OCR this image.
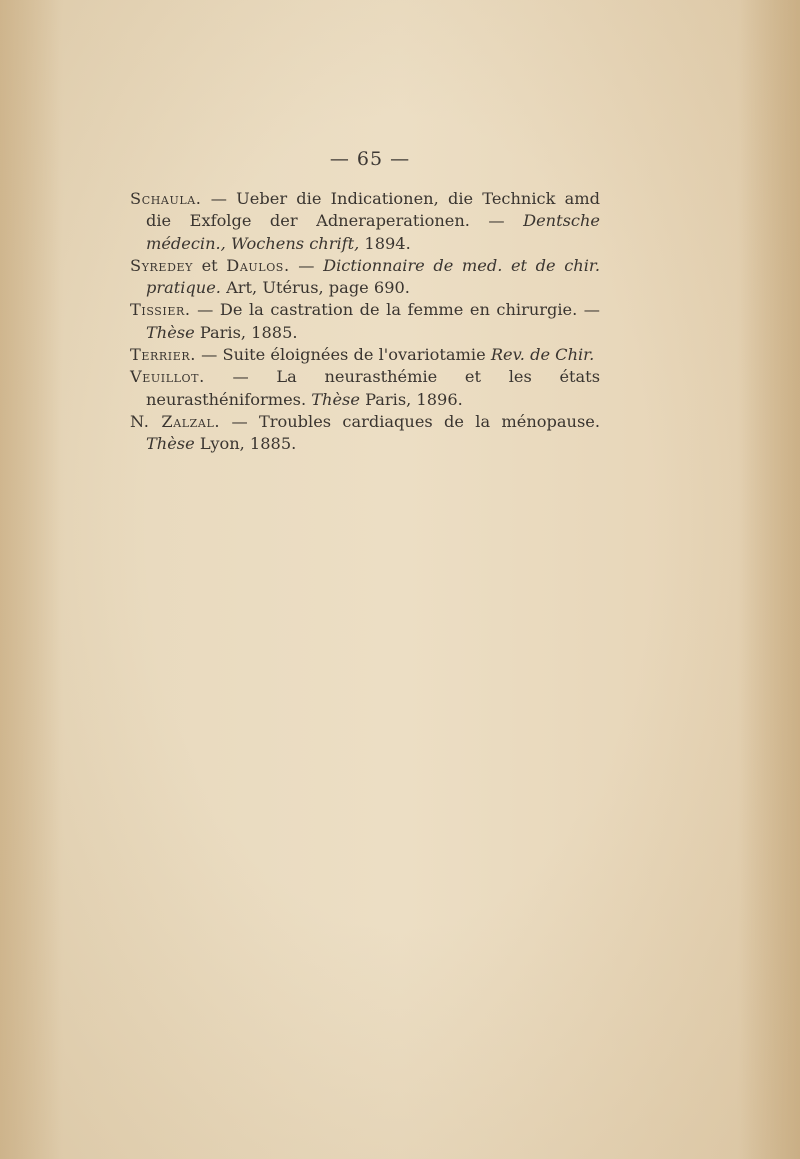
— 65 —

Schaula. — Ueber die Indicationen, die Technick amd die Exfolge der Adneraperationen. — Dentsche médecin., Wochens chrift, 1894.

Syredey et Daulos. — Dictionnaire de med. et de chir. pratique. Art, Utérus, page 690.

Tissier. — De la castration de la femme en chirurgie. — Thèse Paris, 1885.

Terrier. — Suite éloignées de l'ovariotamie Rev. de Chir.

Veuillot. — La neurasthémie et les états neurasthéniformes. Thèse Paris, 1896.

N. Zalzal. — Troubles cardiaques de la ménopause. Thèse Lyon, 1885.
